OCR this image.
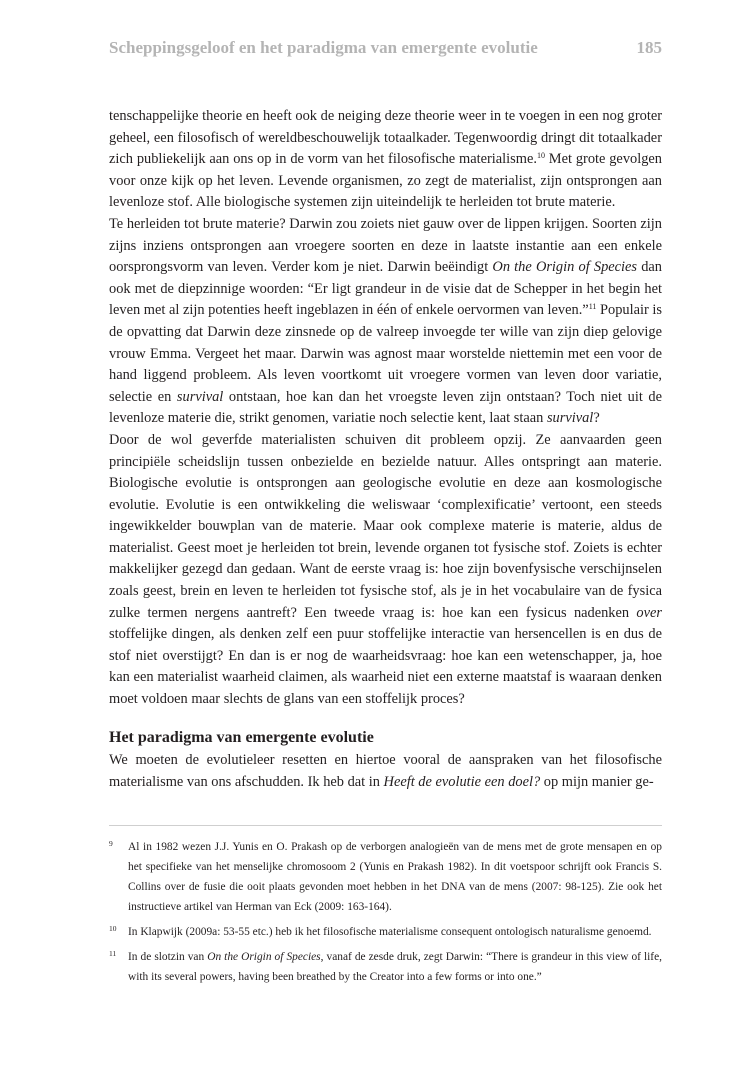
Scheppingsgeloof en het paradigma van emergente evolutie	185

tenschappelijke theorie en heeft ook de neiging deze theorie weer in te voegen in een nog groter geheel, een filosofisch of wereldbeschouwelijk totaalkader. Tegenwoordig dringt dit totaalkader zich publiekelijk aan ons op in de vorm van het filosofische materialisme.$^{10}$ Met grote gevolgen voor onze kijk op het leven. Levende organismen, zo zegt de materialist, zijn ontsprongen aan levenloze stof. Alle biologische systemen zijn uiteindelijk te herleiden tot brute materie.

Te herleiden tot brute materie? Darwin zou zoiets niet gauw over de lippen krijgen. Soorten zijn zijns inziens ontsprongen aan vroegere soorten en deze in laatste instantie aan een enkele oorsprongsvorm van leven. Verder kom je niet. Darwin beëindigt On the Origin of Species dan ook met de diepzinnige woorden: “Er ligt grandeur in de visie dat de Schepper in het begin het leven met al zijn potenties heeft ingeblazen in één of enkele oervormen van leven.”$^{11}$ Populair is de opvatting dat Darwin deze zinsnede op de valreep invoegde ter wille van zijn diep gelovige vrouw Emma. Vergeet het maar. Darwin was agnost maar worstelde niettemin met een voor de hand liggend probleem. Als leven voortkomt uit vroegere vormen van leven door variatie, selectie en survival ontstaan, hoe kan dan het vroegste leven zijn ontstaan? Toch niet uit de levenloze materie die, strikt genomen, variatie noch selectie kent, laat staan survival?

Door de wol geverfde materialisten schuiven dit probleem opzij. Ze aanvaarden geen principiële scheidslijn tussen onbezielde en bezielde natuur. Alles ontspringt aan materie. Biologische evolutie is ontsprongen aan geologische evolutie en deze aan kosmologische evolutie. Evolutie is een ontwikkeling die weliswaar ‘complexificatie’ vertoont, een steeds ingewikkelder bouwplan van de materie. Maar ook complexe materie is materie, aldus de materialist. Geest moet je herleiden tot brein, levende organen tot fysische stof. Zoiets is echter makkelijker gezegd dan gedaan. Want de eerste vraag is: hoe zijn bovenfysische verschijnselen zoals geest, brein en leven te herleiden tot fysische stof, als je in het vocabulaire van de fysica zulke termen nergens aantreft? Een tweede vraag is: hoe kan een fysicus nadenken over stoffelijke dingen, als denken zelf een puur stoffelijke interactie van hersencellen is en dus de stof niet overstijgt? En dan is er nog de waarheidsvraag: hoe kan een wetenschapper, ja, hoe kan een materialist waarheid claimen, als waarheid niet een externe maatstaf is waaraan denken moet voldoen maar slechts de glans van een stoffelijk proces?

Het paradigma van emergente evolutie

We moeten de evolutieleer resetten en hiertoe vooral de aanspraken van het filosofische materialisme van ons afschudden. Ik heb dat in Heeft de evolutie een doel? op mijn manier ge-

9 Al in 1982 wezen J.J. Yunis en O. Prakash op de verborgen analogieën van de mens met de grote mensapen en op het specifieke van het menselijke chromosoom 2 (Yunis en Prakash 1982). In dit voetspoor schrijft ook Francis S. Collins over de fusie die ooit plaats gevonden moet hebben in het DNA van de mens (2007: 98-125). Zie ook het instructieve artikel van Herman van Eck (2009: 163-164).
10 In Klapwijk (2009a: 53-55 etc.) heb ik het filosofische materialisme consequent ontologisch naturalisme genoemd.
11 In de slotzin van On the Origin of Species, vanaf de zesde druk, zegt Darwin: “There is grandeur in this view of life, with its several powers, having been breathed by the Creator into a few forms or into one.”
